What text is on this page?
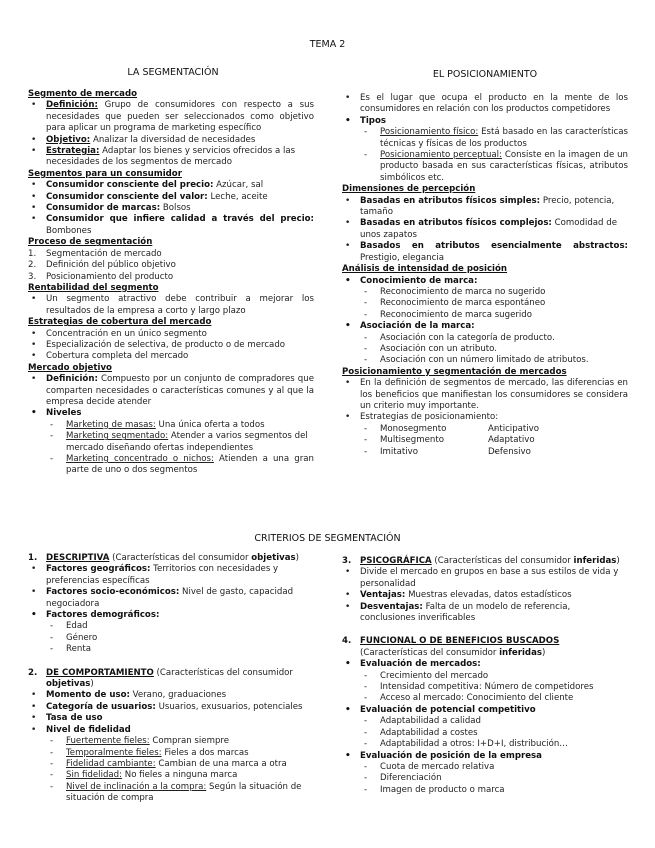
TEMA 2
LA SEGMENTACIÓN
Segmento de mercado
• Definición: Grupo de consumidores con respecto a sus necesidades que pueden ser seleccionados como objetivo para aplicar un programa de marketing específico
• Objetivo: Analizar la diversidad de necesidades
• Estrategia: Adaptar los bienes y servicios ofrecidos a las necesidades de los segmentos de mercado
Segmentos para un consumidor
• Consumidor consciente del precio: Azúcar, sal
• Consumidor consciente del valor: Leche, aceite
• Consumidor de marcas: Bolsos
• Consumidor que infiere calidad a través del precio: Bombones
Proceso de segmentación
1. Segmentación de mercado
2. Definición del público objetivo
3. Posicionamiento del producto
Rentabilidad del segmento
• Un segmento atractivo debe contribuir a mejorar los resultados de la empresa a corto y largo plazo
Estrategias de cobertura del mercado
• Concentración en un único segmento
• Especialización de selectiva, de producto o de mercado
• Cobertura completa del mercado
Mercado objetivo
• Definición: Compuesto por un conjunto de compradores que comparten necesidades o características comunes y al que la empresa decide atender
• Niveles
- Marketing de masas: Una única oferta a todos
- Marketing segmentado: Atender a varios segmentos del mercado diseñando ofertas independientes
- Marketing concentrado o nichos: Atienden a una gran parte de uno o dos segmentos
EL POSICIONAMIENTO
• Es el lugar que ocupa el producto en la mente de los consumidores en relación con los productos competidores
• Tipos
- Posicionamiento físico: Está basado en las características técnicas y físicas de los productos
- Posicionamiento perceptual: Consiste en la imagen de un producto basada en sus características físicas, atributos simbólicos etc.
Dimensiones de percepción
• Basadas en atributos físicos simples: Precio, potencia, tamaño
• Basadas en atributos físicos complejos: Comodidad de unos zapatos
• Basados en atributos esencialmente abstractos: Prestigio, elegancia
Análisis de intensidad de posición
• Conocimiento de marca:
- Reconocimiento de marca no sugerido
- Reconocimiento de marca espontáneo
- Reconocimiento de marca sugerido
• Asociación de la marca:
- Asociación con la categoría de producto.
- Asociación con un atributo.
- Asociación con un número limitado de atributos.
Posicionamiento y segmentación de mercados
• En la definición de segmentos de mercado, las diferencias en los beneficios que manifiestan los consumidores se considera un criterio muy importante.
• Estrategias de posicionamiento:
- Monosegmento
- Multisegmento
- Imitativo
- Anticipativo
- Adaptativo
- Defensivo
CRITERIOS DE SEGMENTACIÓN
1. DESCRIPTIVA (Características del consumidor objetivas)
• Factores geográficos: Territorios con necesidades y preferencias específicas
• Factores socio-económicos: Nivel de gasto, capacidad negociadora
• Factores demográficos:
- Edad
- Género
- Renta
2. DE COMPORTAMIENTO (Características del consumidor objetivas)
• Momento de uso: Verano, graduaciones
• Categoría de usuarios: Usuarios, exusuarios, potenciales
• Tasa de uso
• Nivel de fidelidad
- Fuertemente fieles: Compran siempre
- Temporalmente fieles: Fieles a dos marcas
- Fidelidad cambiante: Cambian de una marca a otra
- Sin fidelidad: No fieles a ninguna marca
- Nivel de inclinación a la compra: Según la situación de situación de compra
3. PSICOGRÁFICA (Características del consumidor inferidas)
• Divide el mercado en grupos en base a sus estilos de vida y personalidad
• Ventajas: Muestras elevadas, datos estadísticos
• Desventajas: Falta de un modelo de referencia, conclusiones inverificables
4. FUNCIONAL O DE BENEFICIOS BUSCADOS (Características del consumidor inferidas)
• Evaluación de mercados:
- Crecimiento del mercado
- Intensidad competitiva: Número de competidores
- Acceso al mercado: Conocimiento del cliente
• Evaluación de potencial competitivo
- Adaptabilidad a calidad
- Adaptabilidad a costes
- Adaptabilidad a otros: I+D+I, distribución…
• Evaluación de posición de la empresa
- Cuota de mercado relativa
- Diferenciación
- Imagen de producto o marca
